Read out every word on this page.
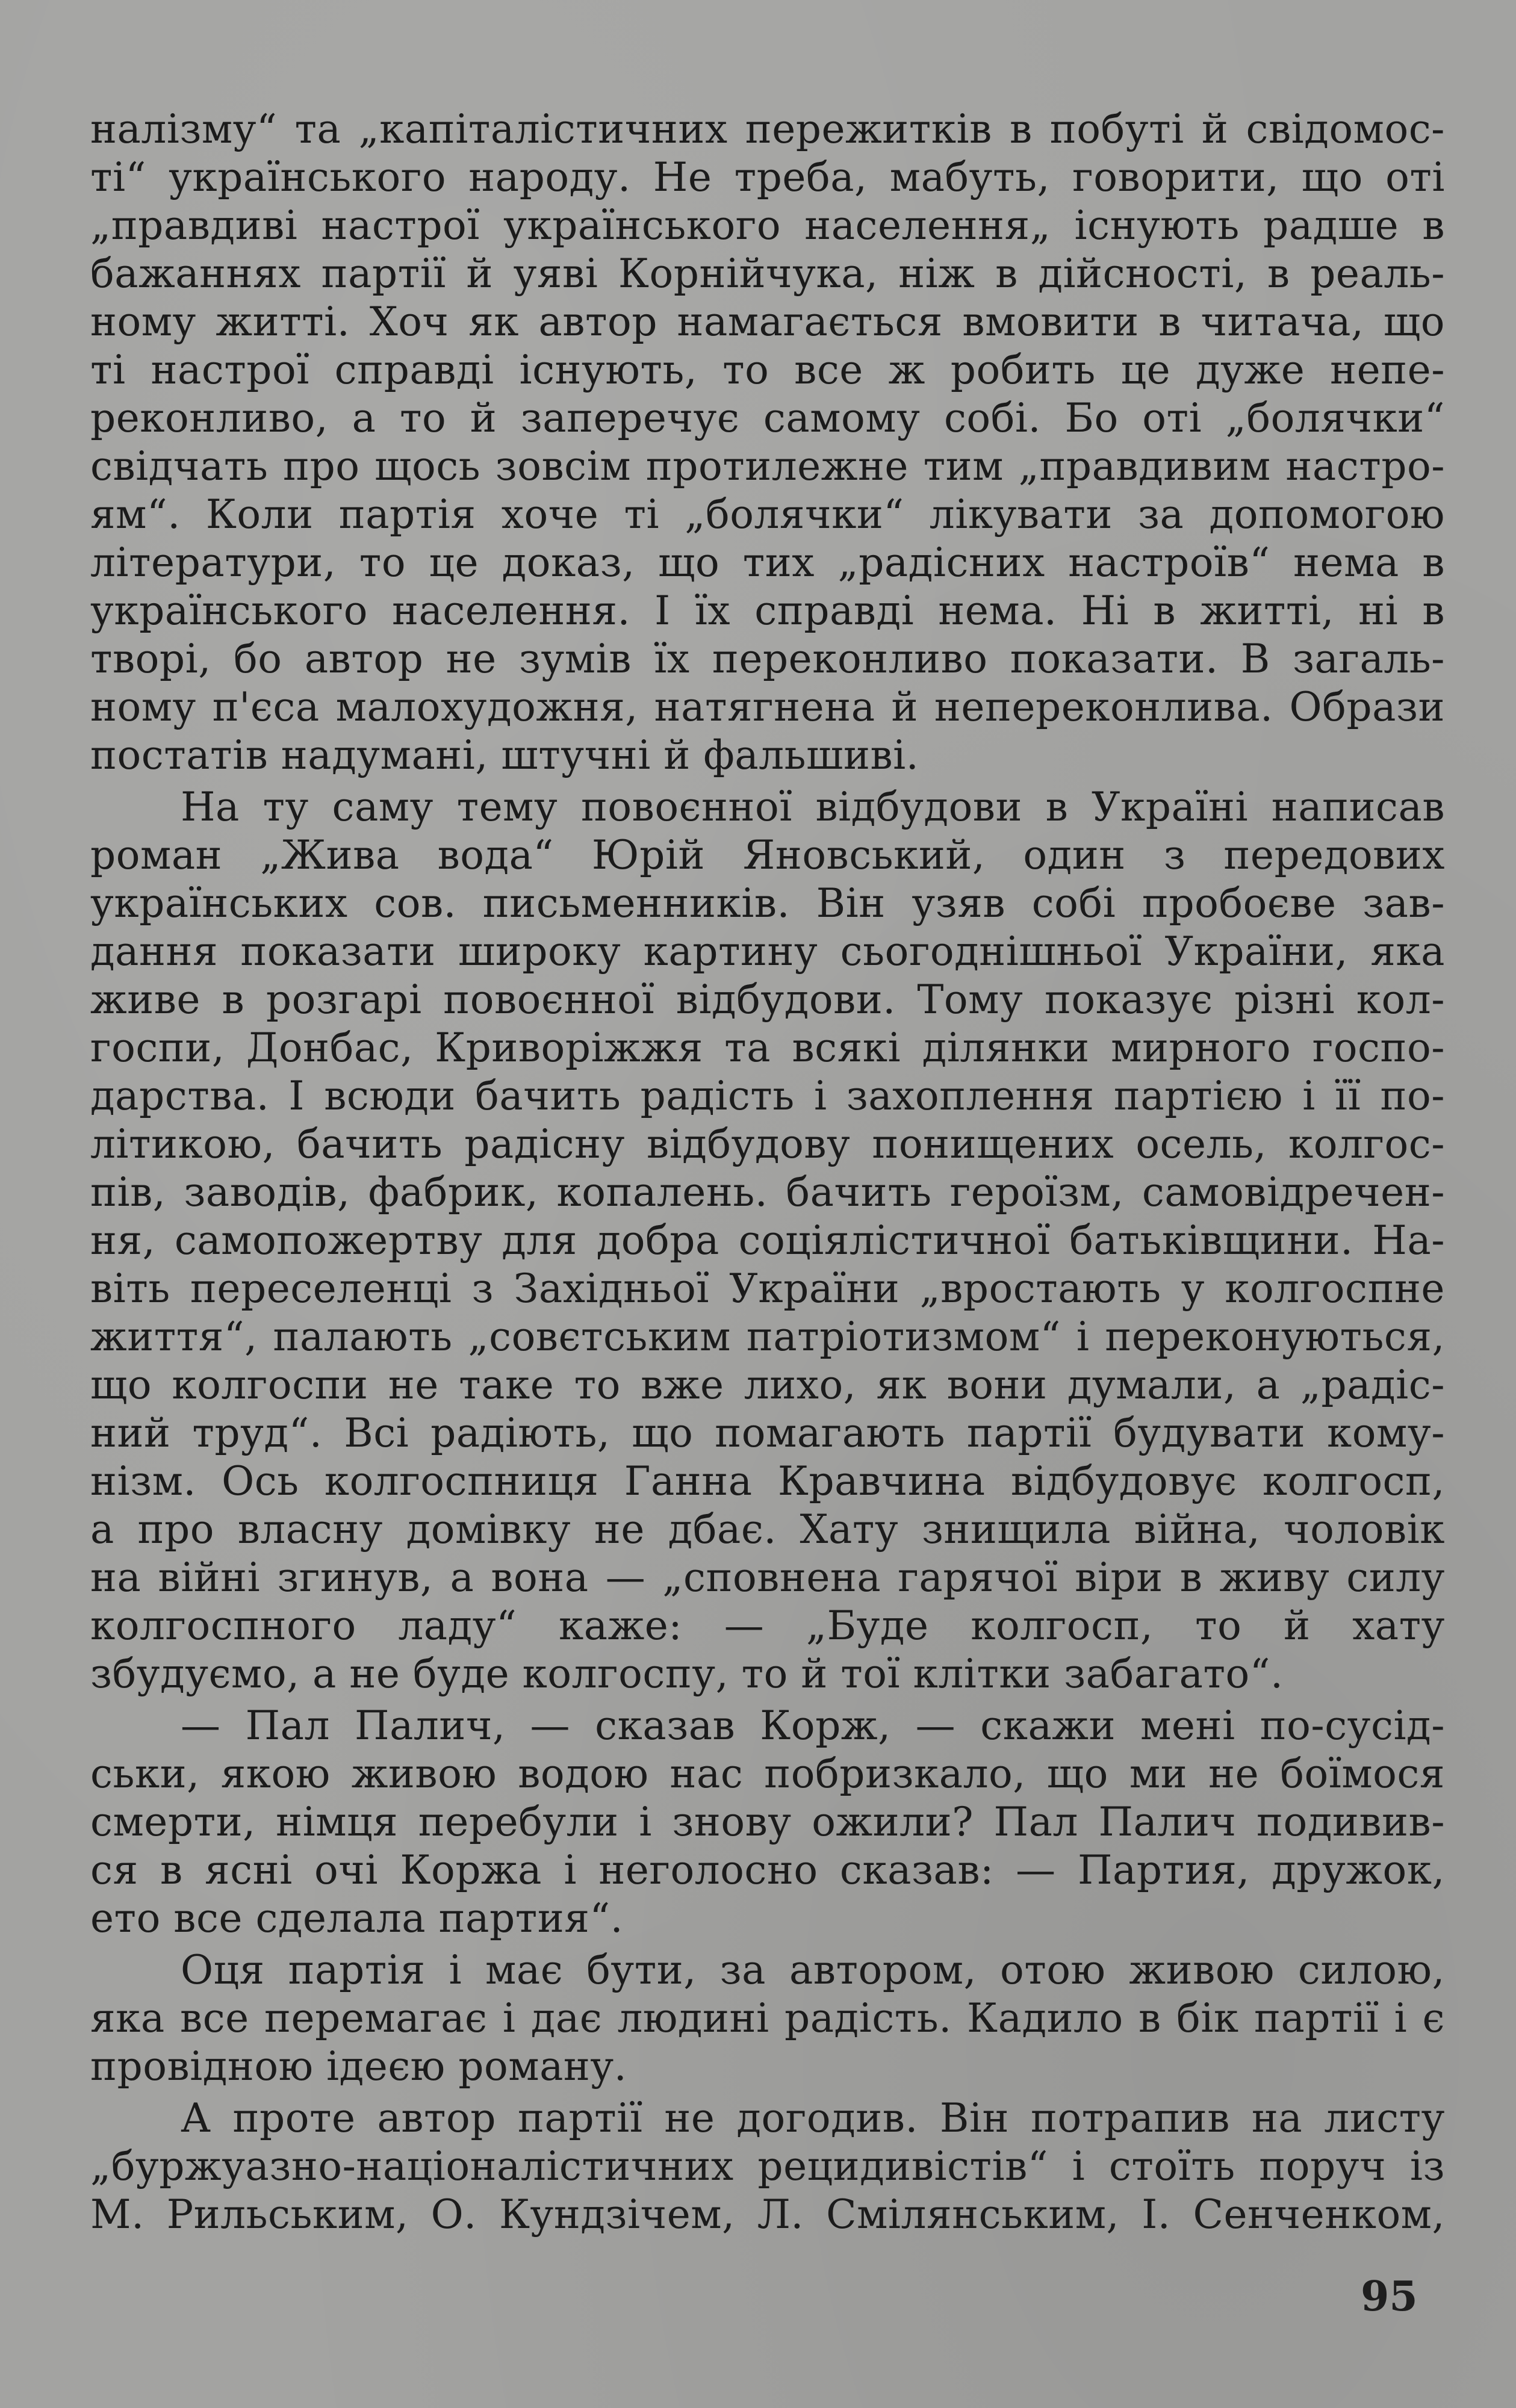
налізму“ та „капіталістичних пережитків в побуті й свідомос-
ті“ українського народу. Не треба, мабуть, говорити, що оті
„правдиві настрої українського населення„ існують радше в
бажаннях партії й уяві Корнійчука, ніж в дійсності, в реаль-
ному житті. Хоч як автор намагається вмовити в читача, що
ті настрої справді існують, то все ж робить це дуже непе-
реконливо, а то й заперечує самому собі. Бо оті „болячки“
свідчать про щось зовсім протилежне тим „правдивим настро-
ям“. Коли партія хоче ті „болячки“ лікувати за допомогою
літератури, то це доказ, що тих „радісних настроїв“ нема в
українського населення. І їх справді нема. Ні в житті, ні в
творі, бо автор не зумів їх переконливо показати. В загаль-
ному п'єса малохудожня, натягнена й непереконлива. Образи
постатів надумані, штучні й фальшиві.
На ту саму тему повоєнної відбудови в Україні написав
роман „Жива вода“ Юрій Яновський, один з передових
українських сов. письменників. Він узяв собі пробоєве зав-
дання показати широку картину сьогоднішньої України, яка
живе в розгарі повоєнної відбудови. Тому показує різні кол-
госпи, Донбас, Криворіжжя та всякі ділянки мирного госпо-
дарства. І всюди бачить радість і захоплення партією і її по-
літикою, бачить радісну відбудову понищених осель, колгос-
пів, заводів, фабрик, копалень. бачить героїзм, самовідречен-
ня, самопожертву для добра соціялістичної батьківщини. На-
віть переселенці з Західньої України „вростають у колгоспне
життя“, палають „совєтським патріотизмом“ і переконуються,
що колгоспи не таке то вже лихо, як вони думали, а „радіс-
ний труд“. Всі радіють, що помагають партії будувати кому-
нізм. Ось колгоспниця Ганна Кравчина відбудовує колгосп,
а про власну домівку не дбає. Хату знищила війна, чоловік
на війні згинув, а вона — „сповнена гарячої віри в живу силу
колгоспного ладу“ каже: — „Буде колгосп, то й хату
збудуємо, а не буде колгоспу, то й тої клітки забагато“.
— Пал Палич, — сказав Корж, — скажи мені по-сусід-
ськи, якою живою водою нас побризкало, що ми не боїмося
смерти, німця перебули і знову ожили? Пал Палич подивив-
ся в ясні очі Коржа і неголосно сказав: — Партия, дружок,
ето все сделала партия“.
Оця партія і має бути, за автором, отою живою силою,
яка все перемагає і дає людині радість. Кадило в бік партії і є
провідною ідеєю роману.
А проте автор партії не догодив. Він потрапив на листу
„буржуазно-націоналістичних рецидивістів“ і стоїть поруч із
М. Рильським, О. Кундзічем, Л. Смілянським, І. Сенченком,
95
